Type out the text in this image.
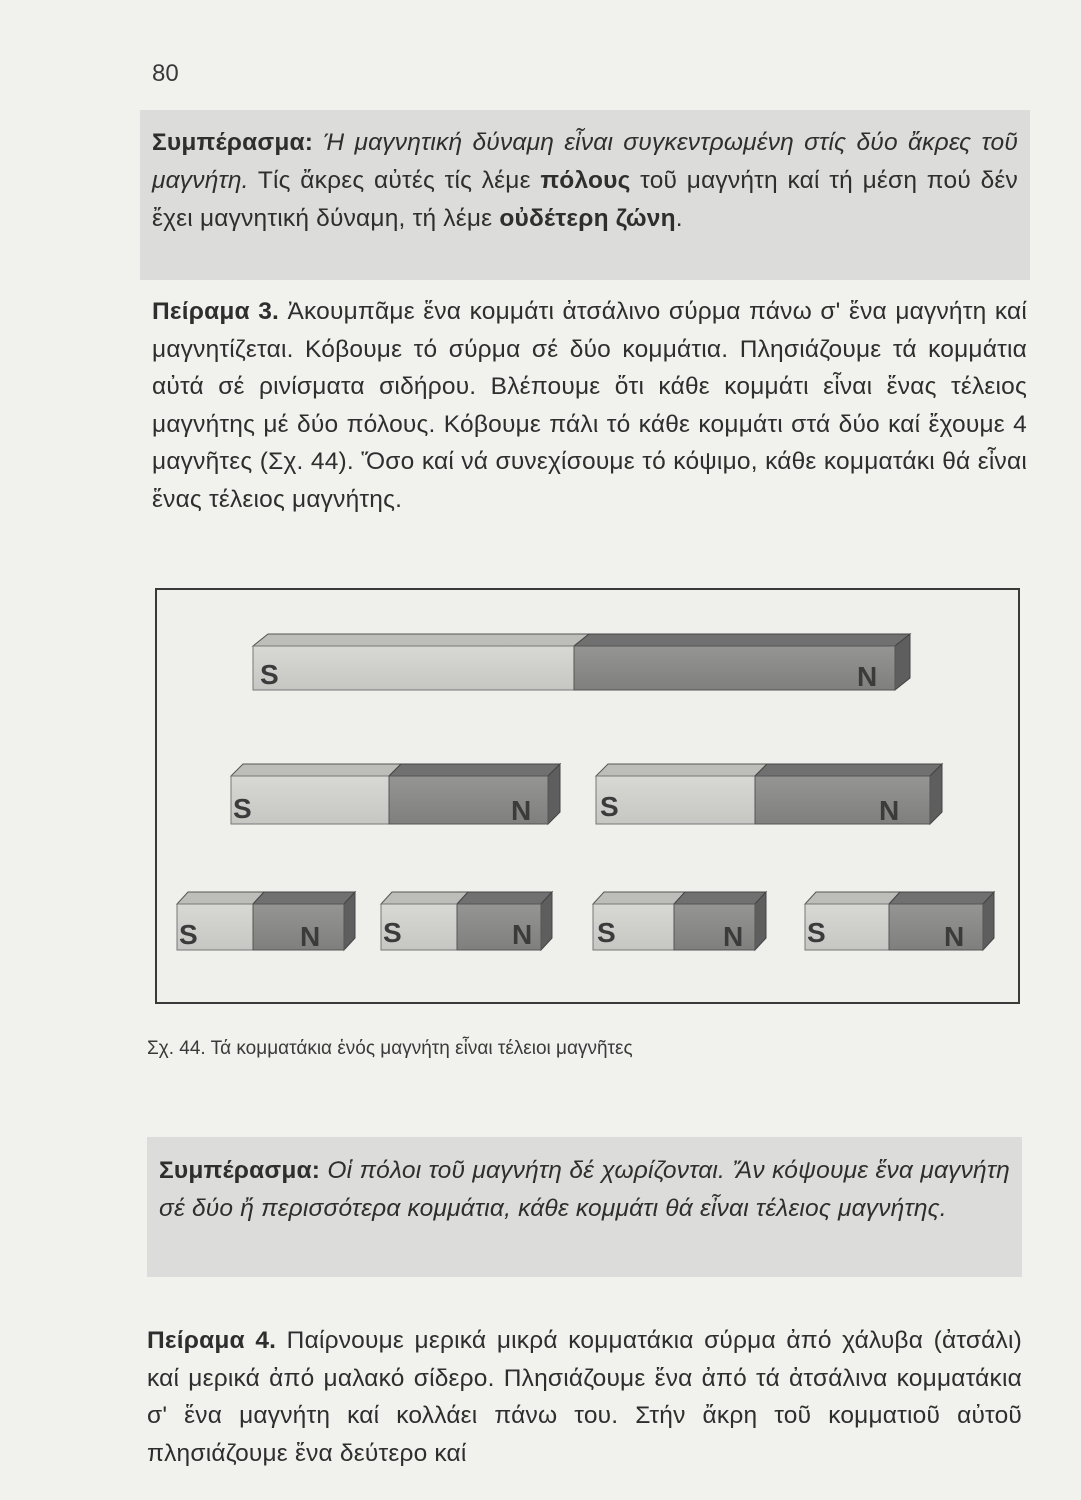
80

Συμπέρασμα: Ή μαγνητική δύναμη εἶναι συγκεντρωμένη στίς δύο ἄκρες τοῦ μαγνήτη. Τίς ἄκρες αὐτές τίς λέμε πόλους τοῦ μαγνήτη καί τή μέση πού δέν ἔχει μαγνητική δύναμη, τή λέμε οὐδέτερη ζώνη.

Πείραμα 3. Ἀκουμπᾶμε ἕνα κομμάτι ἀτσάλινο σύρμα πάνω σ' ἕνα μαγνήτη καί μαγνητίζεται. Κόβουμε τό σύρμα σέ δύο κομμάτια. Πλησιάζουμε τά κομμάτια αὐτά σέ ρινίσματα σιδήρου. Βλέπουμε ὅτι κάθε κομμάτι εἶναι ἕνας τέλειος μαγνήτης μέ δύο πόλους. Κόβουμε πάλι τό κάθε κομμάτι στά δύο καί ἔχουμε 4 μαγνῆτες (Σχ. 44). Ὅσο καί νά συνεχίσουμε τό κόψιμο, κάθε κομματάκι θά εἶναι ἕνας τέλειος μαγνήτης.

S	N
S	N S	N
S	N S	N S	N S	N
Σχ. 44. Τά κομματάκια ἑνός μαγνήτη εἶναι τέλειοι μαγνῆτες

Συμπέρασμα: Οἱ πόλοι τοῦ μαγνήτη δέ χωρίζονται. Ἄν κόψουμε ἕνα μαγνήτη σέ δύο ἤ περισσότερα κομμάτια, κάθε κομμάτι θά εἶναι τέλειος μαγνήτης.

Πείραμα 4. Παίρνουμε μερικά μικρά κομματάκια σύρμα ἀπό χάλυβα (ἀτσάλι) καί μερικά ἀπό μαλακό σίδερο. Πλησιάζουμε ἕνα ἀπό τά ἀτσάλινα κομματάκια σ' ἕνα μαγνήτη καί κολλάει πάνω του. Στήν ἄκρη τοῦ κομματιοῦ αὐτοῦ πλησιάζουμε ἕνα δεύτερο καί
